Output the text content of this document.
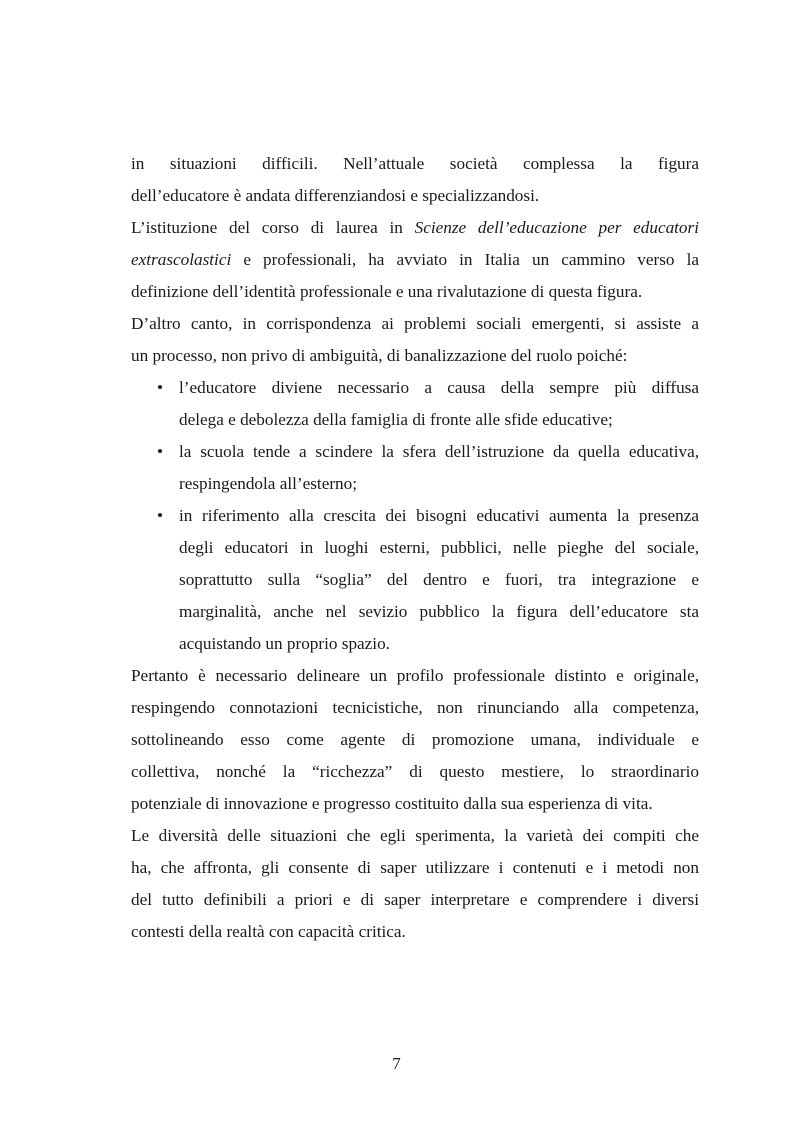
in situazioni difficili. Nell’attuale società complessa la figura
dell’educatore è andata differenziandosi e specializzandosi.
L’istituzione del corso di laurea in Scienze dell’educazione per educatori
extrascolastici e professionali, ha avviato in Italia un cammino verso la
definizione dell’identità professionale e una rivalutazione di questa figura.
D’altro canto, in corrispondenza ai problemi sociali emergenti, si assiste a
un processo, non privo di ambiguità, di banalizzazione del ruolo poiché:
• l’educatore diviene necessario a causa della sempre più diffusa
delega e debolezza della famiglia di fronte alle sfide educative;
• la scuola tende a scindere la sfera dell’istruzione da quella educativa,
respingendola all’esterno;
• in riferimento alla crescita dei bisogni educativi aumenta la presenza
degli educatori in luoghi esterni, pubblici, nelle pieghe del sociale,
soprattutto sulla “soglia” del dentro e fuori, tra integrazione e
marginalità, anche nel sevizio pubblico la figura dell’educatore sta
acquistando un proprio spazio.
Pertanto è necessario delineare un profilo professionale distinto e originale,
respingendo connotazioni tecnicistiche, non rinunciando alla competenza,
sottolineando esso come agente di promozione umana, individuale e
collettiva, nonché la “ricchezza” di questo mestiere, lo straordinario
potenziale di innovazione e progresso costituito dalla sua esperienza di vita.
Le diversità delle situazioni che egli sperimenta, la varietà dei compiti che
ha, che affronta, gli consente di saper utilizzare i contenuti e i metodi non
del tutto definibili a priori e di saper interpretare e comprendere i diversi
contesti della realtà con capacità critica.
7
